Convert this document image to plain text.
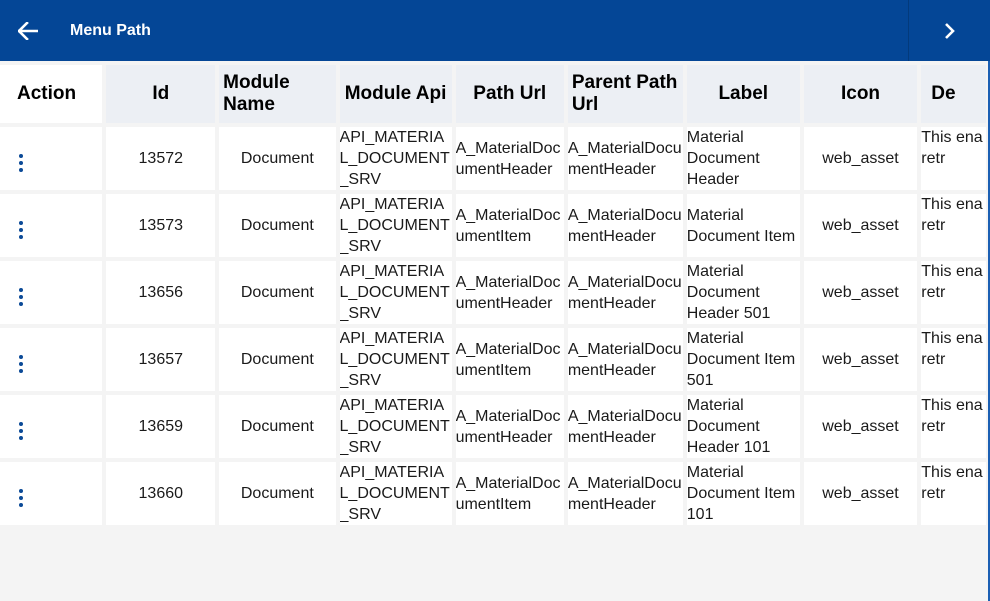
Menu Path
Action	Id	Module Name	Module Api	Path Url	Parent Path Url	Label	Icon	De

	13572	Document	API_MATERIAL_DOCUMENT_SRV	A_MaterialDocumentHeader	A_MaterialDocumentHeader	Material Document Header	web_asset	This ena retr

	13573	Document	API_MATERIAL_DOCUMENT_SRV	A_MaterialDocumentItem	A_MaterialDocumentHeader	Material Document Item	web_asset	This ena retr

	13656	Document	API_MATERIAL_DOCUMENT_SRV	A_MaterialDocumentHeader	A_MaterialDocumentHeader	Material Document Header 501	web_asset	This ena retr

	13657	Document	API_MATERIAL_DOCUMENT_SRV	A_MaterialDocumentItem	A_MaterialDocumentHeader	Material Document Item 501	web_asset	This ena retr

	13659	Document	API_MATERIAL_DOCUMENT_SRV	A_MaterialDocumentHeader	A_MaterialDocumentHeader	Material Document Header 101	web_asset	This ena retr

	13660	Document	API_MATERIAL_DOCUMENT_SRV	A_MaterialDocumentItem	A_MaterialDocumentHeader	Material Document Item 101	web_asset	This ena retr
